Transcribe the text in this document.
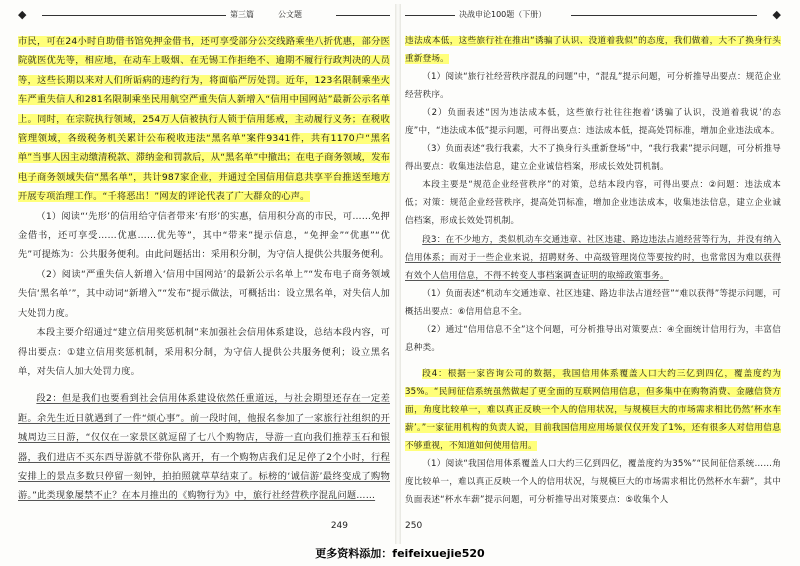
◆	第三篇	公文题

市民，可在24小时自助借书馆免押金借书，还可享受部分公交线路乘坐八折优惠，部分医院就医优先等，相应地，在动车上吸烟、在无锡工作拒绝不、逾期不履行行政判决的人员等，这些长期以来对人们所诟病的违约行为，将面临严厉处罚。近年，123名限制乘坐火车严重失信人和281名限制乘坐民用航空严重失信人新增入“信用中国网站”最新公示名单上。同时，在宗院执行领域，254万人信被执行人锁于信用惩戒，主动履行义务；在税收管理领域，各级税务机关累计公布税收违法“黑名单”案件9341件，共有1170户“黑名单”当事人因主动缴清税款、滞纳金和罚款后，从“黑名单”中撤出；在电子商务领域，发布电子商务领域失信“黑名单”，共计987家企业，并通过全国信用信息共享平台推送至地方开展专项治理工作。“千将恶出！”网友的评论代表了广大群众的心声。

（1）阅读“‘先形’的信用给守信者带来‘有形’的实惠，信用积分高的市民，可……免押金借书，还可享受……优惠……优先等”，其中“带来”提示信息，“免押金”“优惠”“优先”可提炼为：公共服务便利。由此问题括出：采用积分制，为守信人提供公共服务便利。

（2）阅读“严重失信人新增入‘信用中国网站’的最新公示名单上”“发布电子商务领域失信‘黑名单’”，其中动词“新增入”“发布”提示做法，可概括出：设立黑名单，对失信人加大处罚力度。

本段主要介绍通过“建立信用奖惩机制”来加强社会信用体系建设，总结本段内容，可得出要点：①建立信用奖惩机制，采用积分制，为守信人提供公共服务便利；设立黑名单，对失信人加大处罚力度。

段2：但是我们也要看到社会信用体系建设依然任重道远，与社会期望还存在一定差距。余先生近日就遇到了一件“烦心事”。前一段时间，他报名参加了一家旅行社组织的开城周边三日游，“仅仅在一家景区就逗留了七八个购物店，导游一直向我们推荐玉石和银器，我们进店不买东西导游就不带你队离开，有一个购物店我们足足停了2个小时，行程安排上的景点多数只停留一刻钟，拍拍照就草草结束了。标榜的‘诚信游’最终变成了购物游。”此类现象屡禁不止？在本月推出的《购物行为》中，旅行社经营秩序混乱问题……

249
决战申论100题（下册）	◆

违法成本低，这些旅行社在推出“诱骗了认识、没道着我似”的态度，我们做着，大不了换身行头重新登场。

（1）阅读“旅行社经营秩序混乱的问题”中，“混乱”提示问题，可分析推导出要点：规范企业经营秩序。

（2）负面表述“因为违法成本低，这些旅行社往往抱着‘诱骗了认识，没道着我说’的态度”中，“违法成本低”提示问题，可得出要点：违法成本低，提高处罚标准，增加企业违法成本。

（3）负面表述“我行我素，大不了换身行头重新登场”中，“我行我素”提示问题，可分析推导得出要点：收集违法信息，建立企业诚信档案，形成长效处罚机制。

本段主要是“规范企业经营秩序”的对策，总结本段内容，可得出要点：②问题：违法成本低；对策：规范企业经营秩序，提高处罚标准，增加企业违法成本，收集违法信息，建立企业诚信档案，形成长效处罚机制。

段3：在不少地方，类似机动车交通违章、社区违建、路边违法占道经营等行为，并没有纳入信用体系；而对于一些企业来说，招聘财务、中高级管理岗位等要按约时，也常常因为难以获得有效个人信用信息，不得不转变人事档案调查证明的取缔政策事务。

（1）负面表述“机动车交通违章、社区违建、路边非法占道经营”“难以获得”等提示问题，可概括出要点：⑥信用信息不全。

（2）通过“信用信息不全”这个问题，可分析推导出对策要点：④全面统计信用行为，丰富信息种类。

段4：根据一家咨询公司的数据，我国信用体系覆盖人口大约三亿到四亿，覆盖度约为35%。“民间征信系统虽然做起了更全面的互联网信用信息，但多集中在购物消费、金融信贷方面，角度比较单一，难以真正反映一个人的信用状况，与规模巨大的市场需求相比仍然‘杯水车薪’。”一家征用机构的负责人说，目前我国信用应用场景仅仅开发了1%，还有很多人对信用信息不够重视，不知道如何使用信用。

（1）阅读“我国信用体系覆盖人口大约三亿到四亿，覆盖度约为35%”“民间征信系统……角度比较单一，难以真正反映一个人的信用状况，与规模巨大的市场需求相比仍然杯水车薪”，其中负面表述“杯水车薪”提示问题，可分析推导出对策要点：⑤收集个人

250
更多资料添加：feifeixuejie520
